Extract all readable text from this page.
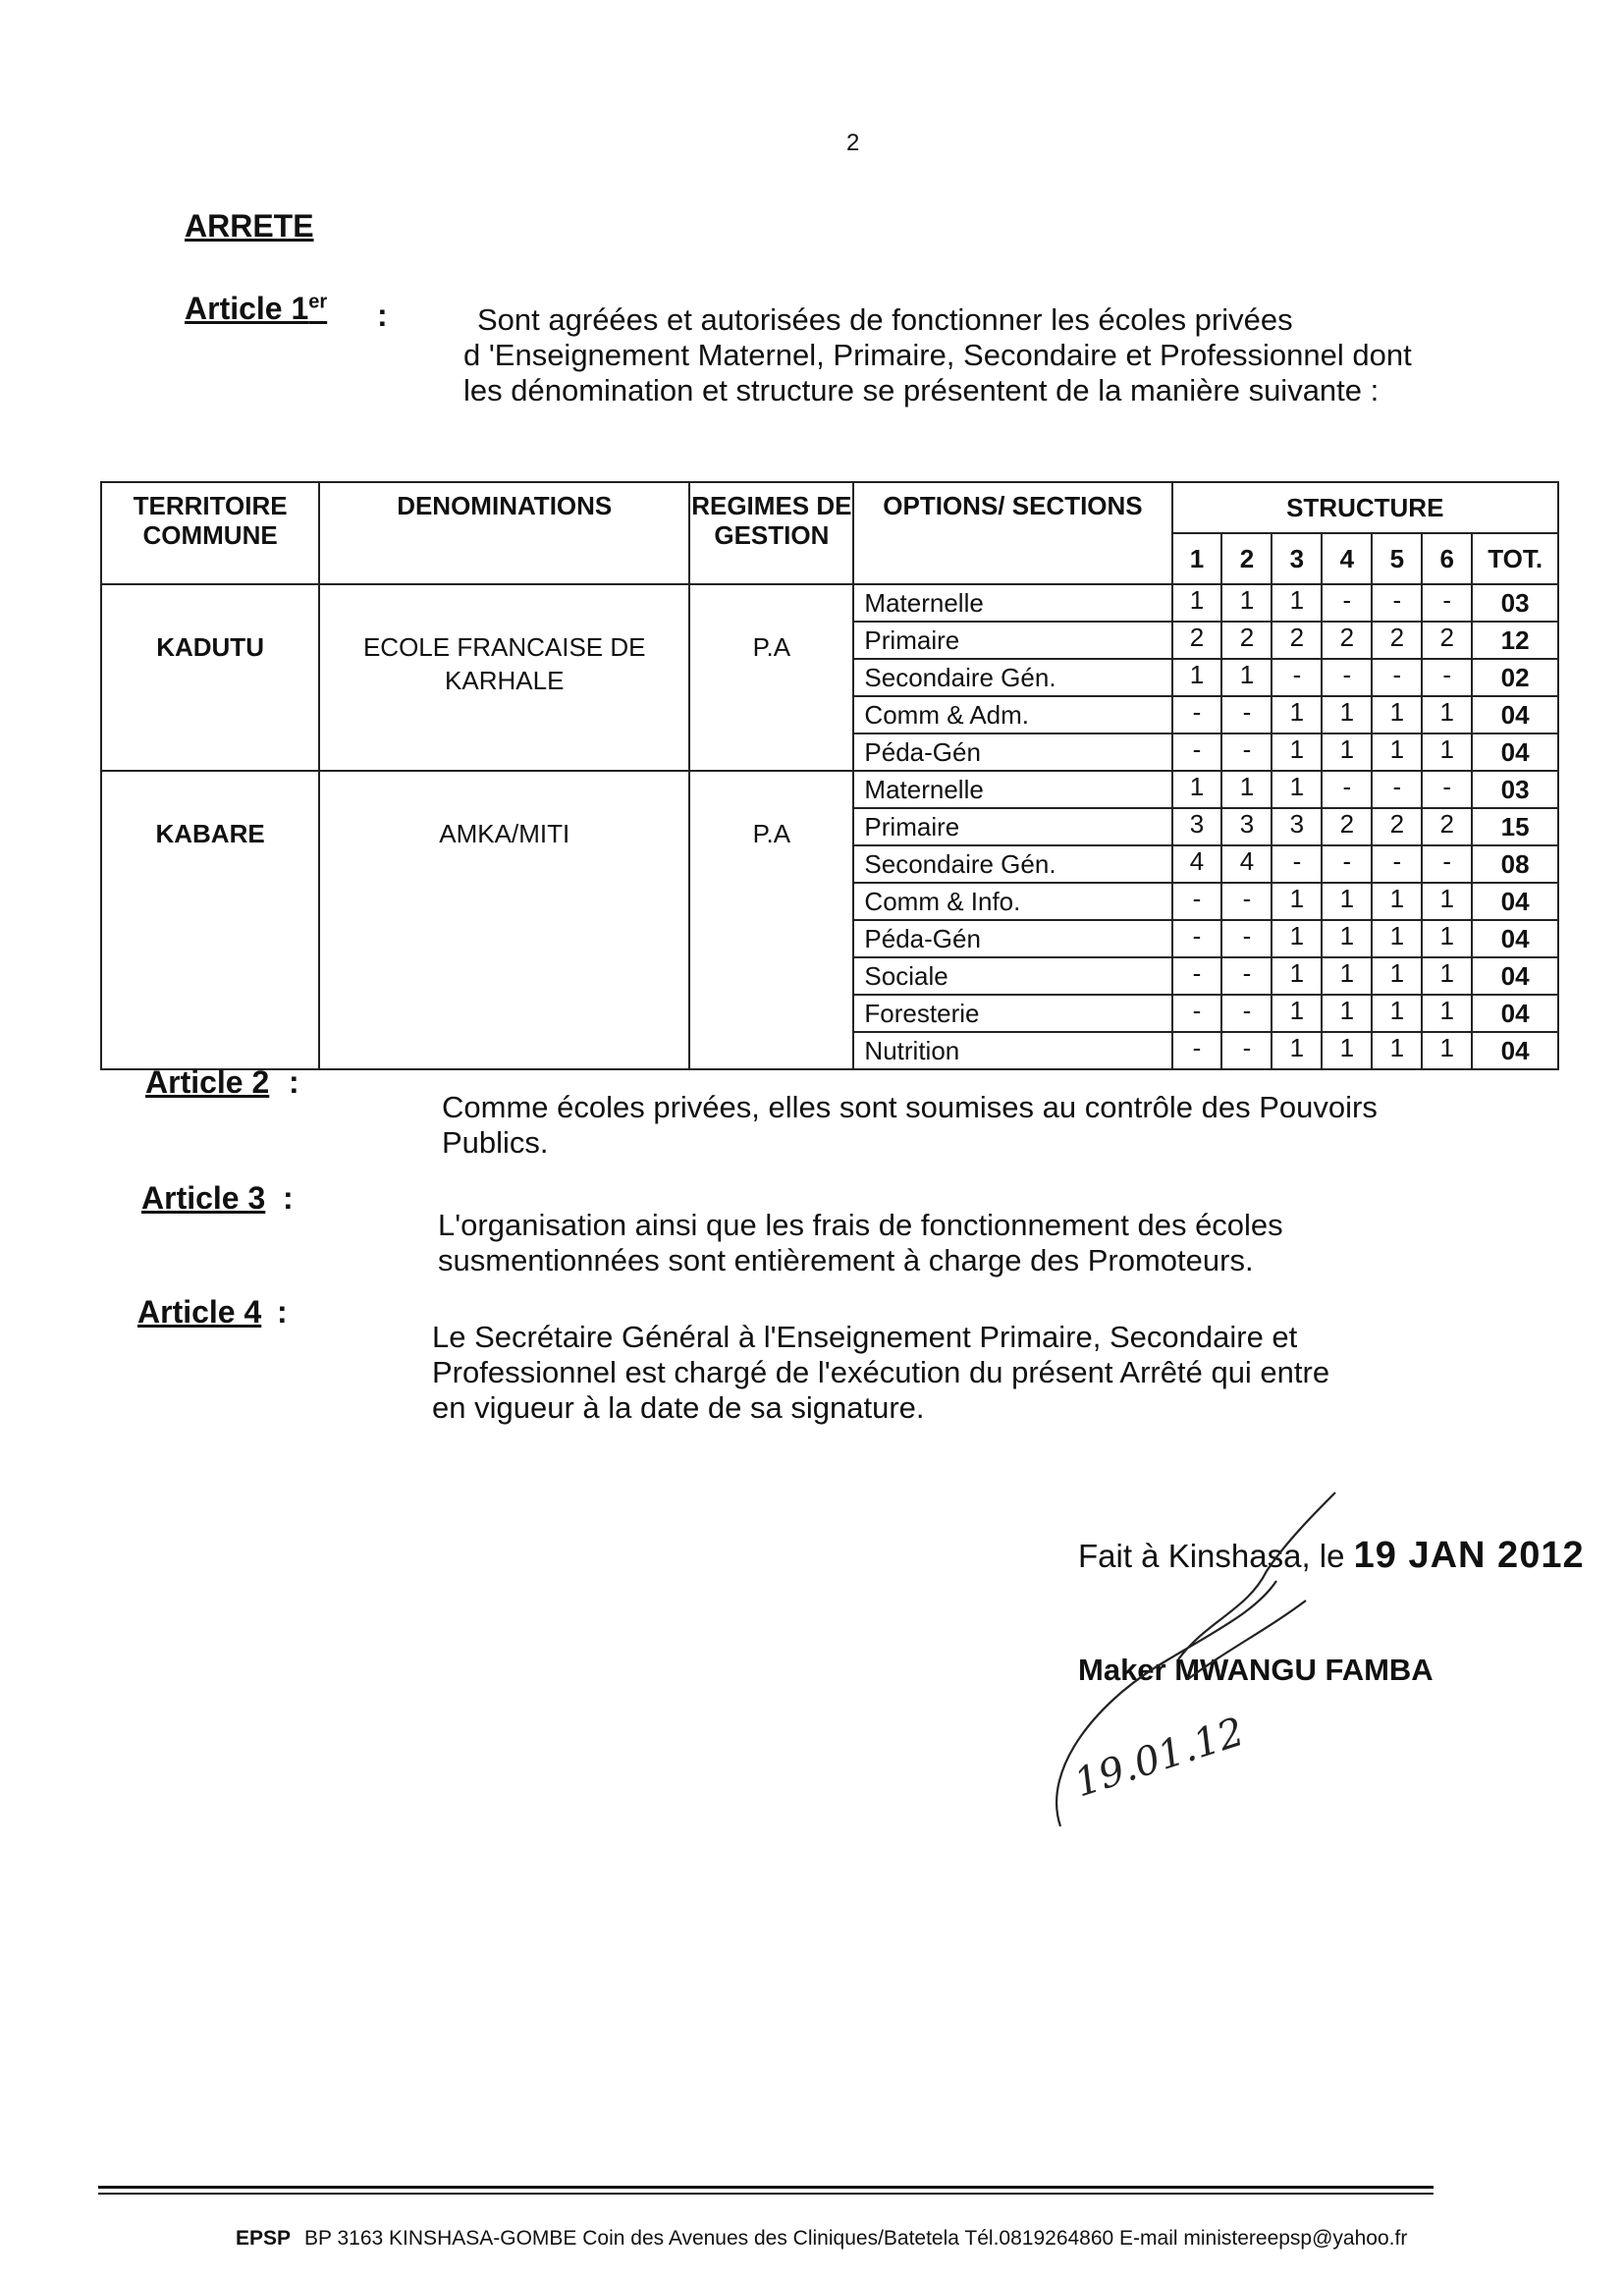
2
ARRETE
Article 1er :	Sont agréées et autorisées de fonctionner les écoles privées
d 'Enseignement Maternel, Primaire, Secondaire et Professionnel dont
les dénomination et structure se présentent de la manière suivante :
TERRITOIRE COMMUNE	DENOMINATIONS	REGIMES DE GESTION	OPTIONS/ SECTIONS	STRUCTURE						
				1	2	3	4	5	6	TOT.
KADUTU	ECOLE FRANCAISE DE KARHALE	P.A	Maternelle	1	1	1	-	-	-	03
			Primaire	2	2	2	2	2	2	12
			Secondaire Gén.	1	1	-	-	-	-	02
			Comm & Adm.	-	-	1	1	1	1	04
			Péda-Gén	-	-	1	1	1	1	04
KABARE	AMKA/MITI	P.A	Maternelle	1	1	1	-	-	-	03
			Primaire	3	3	3	2	2	2	15
			Secondaire Gén.	4	4	-	-	-	-	08
			Comm & Info.	-	-	1	1	1	1	04
			Péda-Gén	-	-	1	1	1	1	04
			Sociale	-	-	1	1	1	1	04
			Foresterie	-	-	1	1	1	1	04
			Nutrition	-	-	1	1	1	1	04
Article 2 :
Comme écoles privées, elles sont soumises au contrôle des Pouvoirs
Publics.
Article 3 :
L'organisation ainsi que les frais de fonctionnement des écoles
susmentionnées sont entièrement à charge des Promoteurs.
Article 4 :
Le Secrétaire Général à l'Enseignement Primaire, Secondaire et
Professionnel est chargé de l'exécution du présent Arrêté qui entre
en vigueur à la date de sa signature.
Fait à Kinshasa, le 19 JAN 2012
Maker MWANGU FAMBA
19.01.12
EPSP BP 3163 KINSHASA-GOMBE Coin des Avenues des Cliniques/Batetela Tél.0819264860 E-mail ministereepsp@yahoo.fr
